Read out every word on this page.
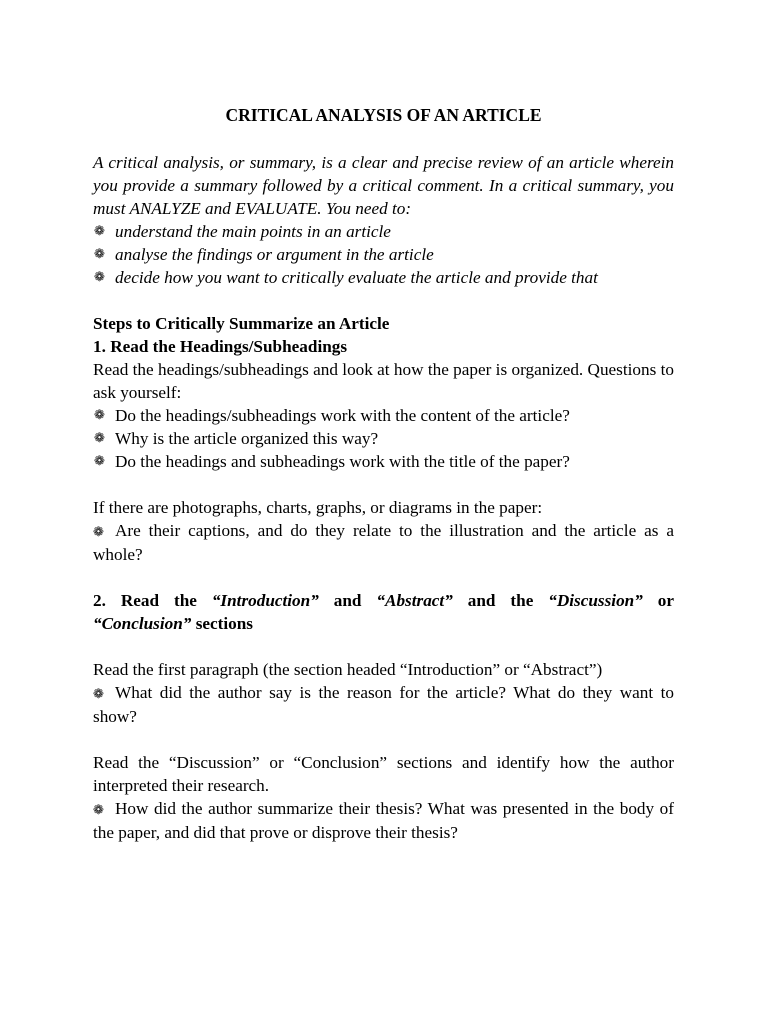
CRITICAL ANALYSIS OF AN ARTICLE

A critical analysis, or summary, is a clear and precise review of an article wherein you provide a summary followed by a critical comment. In a critical summary, you must ANALYZE and EVALUATE. You need to:

❁ understand the main points in an article
❁ analyse the findings or argument in the article
❁ decide how you want to critically evaluate the article and provide that

Steps to Critically Summarize an Article

1. Read the Headings/Subheadings

Read the headings/subheadings and look at how the paper is organized. Questions to ask yourself:

❁ Do the headings/subheadings work with the content of the article?
❁ Why is the article organized this way?
❁ Do the headings and subheadings work with the title of the paper?

If there are photographs, charts, graphs, or diagrams in the paper:

❁ Are their captions, and do they relate to the illustration and the article as a whole?

2. Read the “Introduction” and “Abstract” and the “Discussion” or “Conclusion” sections

Read the first paragraph (the section headed “Introduction” or “Abstract”)

❁ What did the author say is the reason for the article? What do they want to show?

Read the “Discussion” or “Conclusion” sections and identify how the author interpreted their research.

❁ How did the author summarize their thesis? What was presented in the body of the paper, and did that prove or disprove their thesis?
